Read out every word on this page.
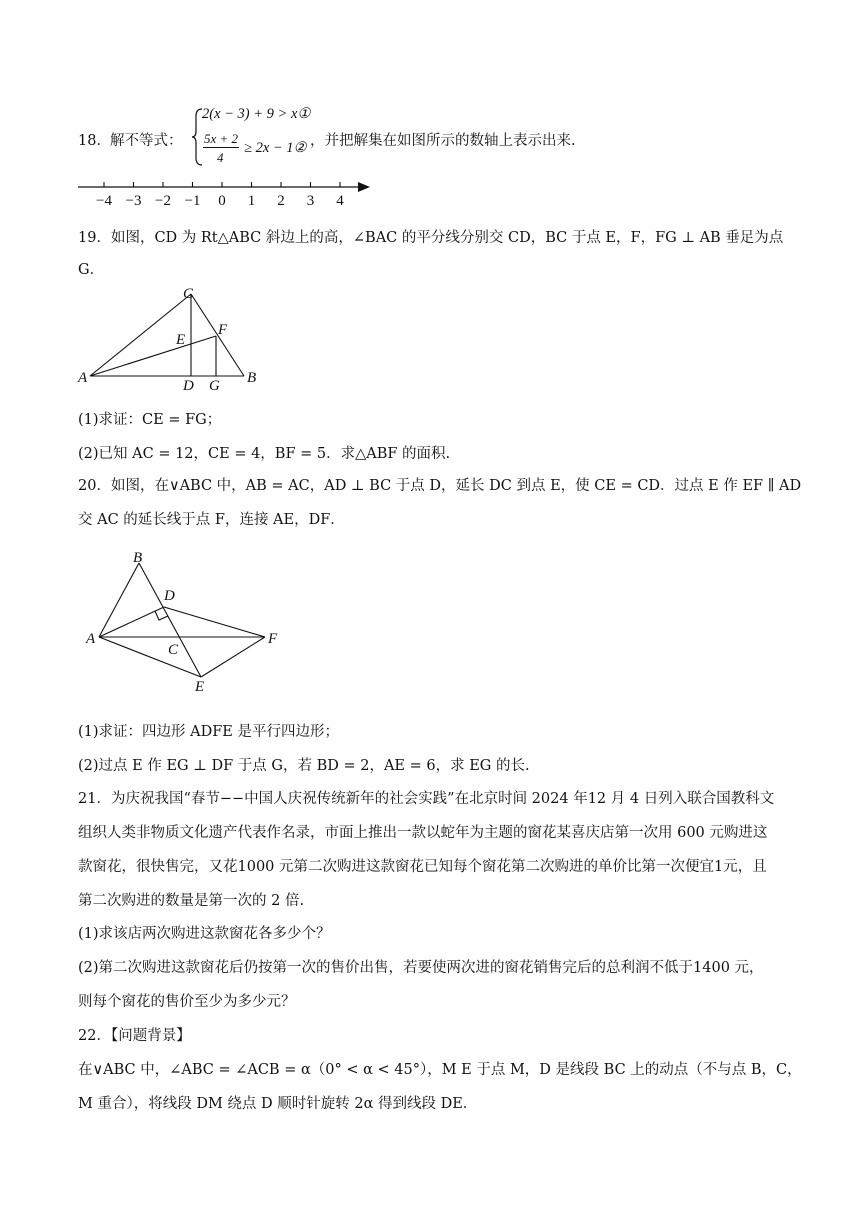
18． 解不等式：
2(x − 3) + 9 > x①
5x + 2
4
≥ 2x − 1② ，并把解集在如图所示的数轴上表示出来.
−4 −3 −2 −1 0 1 2 3 4
19．如图，CD 为 Rt△ABC 斜边上的高，∠BAC 的平分线分别交 CD，BC 于点 E，F，FG ⊥ AB 垂足为点
G．
C
E
F
A	D G B
(1)求证：CE = FG；
(2)已知 AC = 12，CE = 4，BF = 5．求△ABF 的面积.
20．如图，在∨ABC 中，AB = AC，AD ⊥ BC 于点 D，延长 DC 到点 E，使 CE = CD．过点 E 作 EF ∥ AD
交 AC 的延长线于点 F，连接 AE，DF．
B
D
A
C
F
E
(1)求证：四边形 ADFE 是平行四边形；
(2)过点 E 作 EG ⊥ DF 于点 G，若 BD = 2，AE = 6，求 EG 的长.
21．为庆祝我国“春节−−中国人庆祝传统新年的社会实践”在北京时间 2024 年12 月 4 日列入联合国教科文
组织人类非物质文化遗产代表作名录，市面上推出一款以蛇年为主题的窗花某喜庆店第一次用 600 元购进这
款窗花，很快售完，又花1000 元第二次购进这款窗花已知每个窗花第二次购进的单价比第一次便宜1元，且
第二次购进的数量是第一次的 2 倍.
(1)求该店两次购进这款窗花各多少个？
(2)第二次购进这款窗花后仍按第一次的售价出售，若要使两次进的窗花销售完后的总利润不低于1400 元，
则每个窗花的售价至少为多少元？
22．【问题背景】
在∨ABC 中，∠ABC = ∠ACB = α（0° < α < 45°），M E 于点 M，D 是线段 BC 上的动点（不与点 B，C，
M 重合），将线段 DM 绕点 D 顺时针旋转 2α 得到线段 DE．
